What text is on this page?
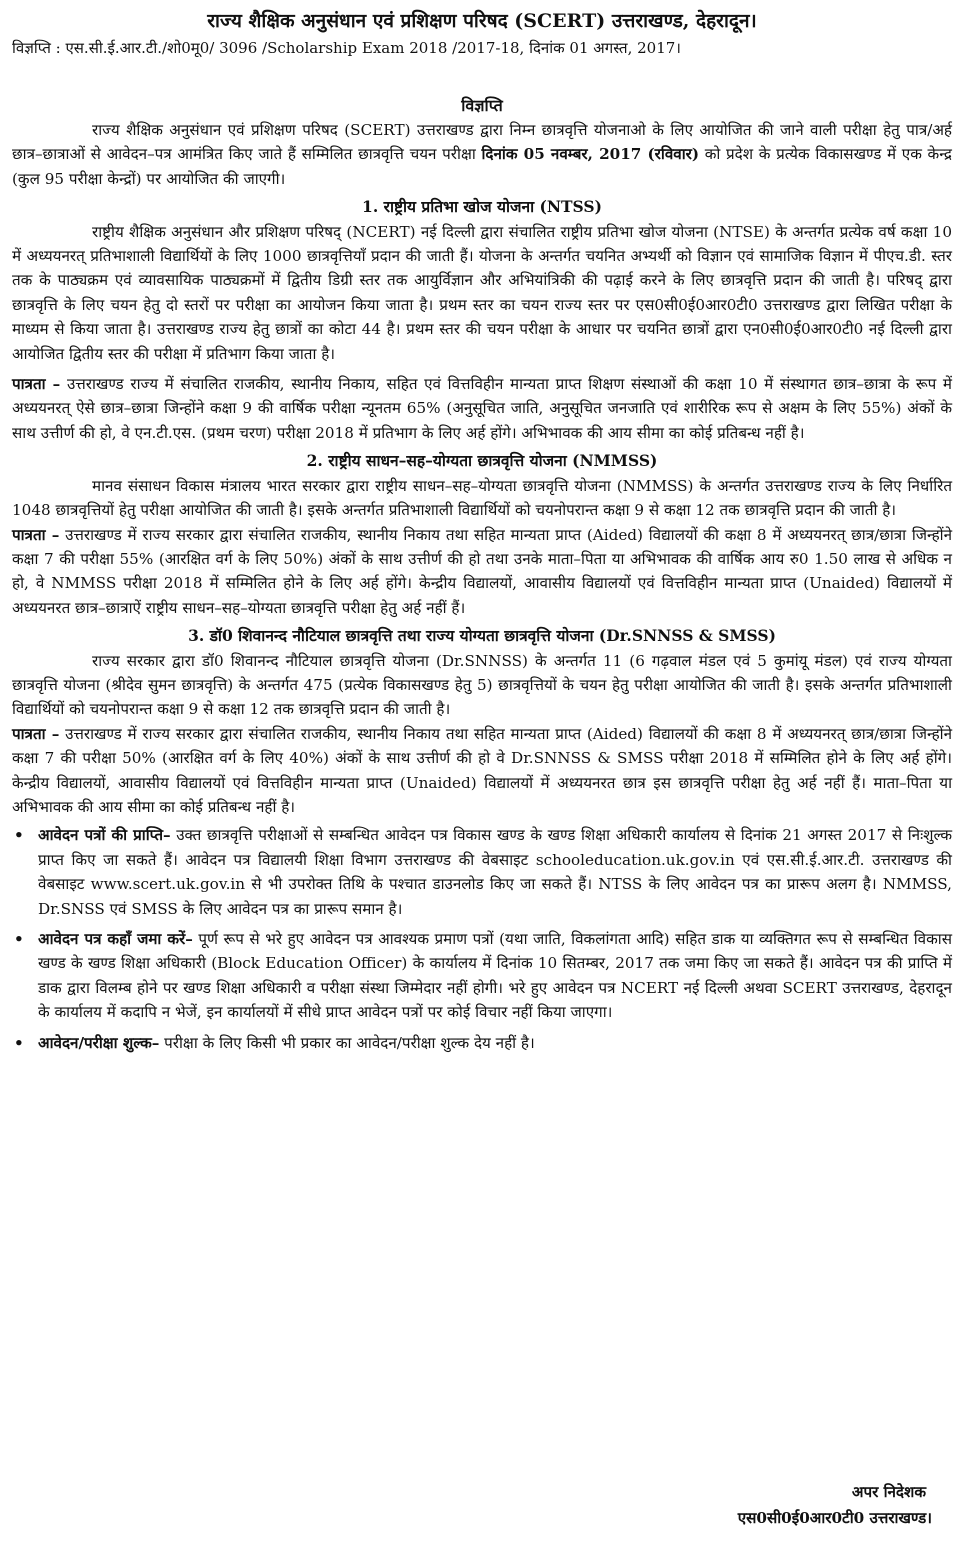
राज्य शैक्षिक अनुसंधान एवं प्रशिक्षण परिषद (SCERT) उत्तराखण्ड, देहरादून।
विज्ञप्ति : एस.सी.ई.आर.टी./शो0मू0/ 3096 /Scholarship Exam 2018 /2017-18, दिनांक 01 अगस्त, 2017।
विज्ञप्ति

राज्य शैक्षिक अनुसंधान एवं प्रशिक्षण परिषद (SCERT) उत्तराखण्ड द्वारा निम्न छात्रवृत्ति योजनाओ के लिए आयोजित की जाने वाली परीक्षा हेतु पात्र/अर्ह छात्र–छात्राओं से आवेदन–पत्र आमंत्रित किए जाते हैं सम्मिलित छात्रवृत्ति चयन परीक्षा दिनांक 05 नवम्बर, 2017 (रविवार) को प्रदेश के प्रत्येक विकासखण्ड में एक केन्द्र (कुल 95 परीक्षा केन्द्रों) पर आयोजित की जाएगी।

1. राष्ट्रीय प्रतिभा खोज योजना (NTSS)

राष्ट्रीय शैक्षिक अनुसंधान और प्रशिक्षण परिषद् (NCERT) नई दिल्ली द्वारा संचालित राष्ट्रीय प्रतिभा खोज योजना (NTSE) के अन्तर्गत प्रत्येक वर्ष कक्षा 10 में अध्ययनरत् प्रतिभाशाली विद्यार्थियों के लिए 1000 छात्रवृत्तियाँ प्रदान की जाती हैं। योजना के अन्तर्गत चयनित अभ्यर्थी को विज्ञान एवं सामाजिक विज्ञान में पीएच.डी. स्तर तक के पाठ्यक्रम एवं व्यावसायिक पाठ्यक्रमों में द्वितीय डिग्री स्तर तक आयुर्विज्ञान और अभियांत्रिकी की पढ़ाई करने के लिए छात्रवृत्ति प्रदान की जाती है। परिषद् द्वारा छात्रवृत्ति के लिए चयन हेतु दो स्तरों पर परीक्षा का आयोजन किया जाता है। प्रथम स्तर का चयन राज्य स्तर पर एस0सी0ई0आर0टी0 उत्तराखण्ड द्वारा लिखित परीक्षा के माध्यम से किया जाता है। उत्तराखण्ड राज्य हेतु छात्रों का कोटा 44 है। प्रथम स्तर की चयन परीक्षा के आधार पर चयनित छात्रों द्वारा एन0सी0ई0आर0टी0 नई दिल्ली द्वारा आयोजित द्वितीय स्तर की परीक्षा में प्रतिभाग किया जाता है।

पात्रता – उत्तराखण्ड राज्य में संचालित राजकीय, स्थानीय निकाय, सहित एवं वित्तविहीन मान्यता प्राप्त शिक्षण संस्थाओं की कक्षा 10 में संस्थागत छात्र–छात्रा के रूप में अध्ययनरत् ऐसे छात्र–छात्रा जिन्होंने कक्षा 9 की वार्षिक परीक्षा न्यूनतम 65% (अनुसूचित जाति, अनुसूचित जनजाति एवं शारीरिक रूप से अक्षम के लिए 55%) अंकों के साथ उत्तीर्ण की हो, वे एन.टी.एस. (प्रथम चरण) परीक्षा 2018 में प्रतिभाग के लिए अर्ह होंगे। अभिभावक की आय सीमा का कोई प्रतिबन्ध नहीं है।

2. राष्ट्रीय साधन–सह–योग्यता छात्रवृत्ति योजना (NMMSS)

मानव संसाधन विकास मंत्रालय भारत सरकार द्वारा राष्ट्रीय साधन–सह–योग्यता छात्रवृत्ति योजना (NMMSS) के अन्तर्गत उत्तराखण्ड राज्य के लिए निर्धारित 1048 छात्रवृत्तियों हेतु परीक्षा आयोजित की जाती है। इसके अन्तर्गत प्रतिभाशाली विद्यार्थियों को चयनोपरान्त कक्षा 9 से कक्षा 12 तक छात्रवृत्ति प्रदान की जाती है।

पात्रता – उत्तराखण्ड में राज्य सरकार द्वारा संचालित राजकीय, स्थानीय निकाय तथा सहित मान्यता प्राप्त (Aided) विद्यालयों की कक्षा 8 में अध्ययनरत् छात्र/छात्रा जिन्होंने कक्षा 7 की परीक्षा 55% (आरक्षित वर्ग के लिए 50%) अंकों के साथ उत्तीर्ण की हो तथा उनके माता–पिता या अभिभावक की वार्षिक आय रु0 1.50 लाख से अधिक न हो, वे NMMSS परीक्षा 2018 में सम्मिलित होने के लिए अर्ह होंगे। केन्द्रीय विद्यालयों, आवासीय विद्यालयों एवं वित्तविहीन मान्यता प्राप्त (Unaided) विद्यालयों में अध्ययनरत छात्र–छात्राऐं राष्ट्रीय साधन–सह–योग्यता छात्रवृत्ति परीक्षा हेतु अर्ह नहीं हैं।

3. डॉ0 शिवानन्द नौटियाल छात्रवृत्ति तथा राज्य योग्यता छात्रवृत्ति योजना (Dr.SNNSS & SMSS)

राज्य सरकार द्वारा डॉ0 शिवानन्द नौटियाल छात्रवृत्ति योजना (Dr.SNNSS) के अन्तर्गत 11 (6 गढ़वाल मंडल एवं 5 कुमांयू मंडल) एवं राज्य योग्यता छात्रवृत्ति योजना (श्रीदेव सुमन छात्रवृत्ति) के अन्तर्गत 475 (प्रत्येक विकासखण्ड हेतु 5) छात्रवृत्तियों के चयन हेतु परीक्षा आयोजित की जाती है। इसके अन्तर्गत प्रतिभाशाली विद्यार्थियों को चयनोपरान्त कक्षा 9 से कक्षा 12 तक छात्रवृत्ति प्रदान की जाती है।

पात्रता – उत्तराखण्ड में राज्य सरकार द्वारा संचालित राजकीय, स्थानीय निकाय तथा सहित मान्यता प्राप्त (Aided) विद्यालयों की कक्षा 8 में अध्ययनरत् छात्र/छात्रा जिन्होंने कक्षा 7 की परीक्षा 50% (आरक्षित वर्ग के लिए 40%) अंकों के साथ उत्तीर्ण की हो वे Dr.SNNSS & SMSS परीक्षा 2018 में सम्मिलित होने के लिए अर्ह होंगे। केन्द्रीय विद्यालयों, आवासीय विद्यालयों एवं वित्तविहीन मान्यता प्राप्त (Unaided) विद्यालयों में अध्ययनरत छात्र इस छात्रवृत्ति परीक्षा हेतु अर्ह नहीं हैं। माता–पिता या अभिभावक की आय सीमा का कोई प्रतिबन्ध नहीं है।

• आवेदन पत्रों की प्राप्ति– उक्त छात्रवृत्ति परीक्षाओं से सम्बन्धित आवेदन पत्र विकास खण्ड के खण्ड शिक्षा अधिकारी कार्यालय से दिनांक 21 अगस्त 2017 से निःशुल्क प्राप्त किए जा सकते हैं। आवेदन पत्र विद्यालयी शिक्षा विभाग उत्तराखण्ड की वेबसाइट schooleducation.uk.gov.in एवं एस.सी.ई.आर.टी. उत्तराखण्ड की वेबसाइट www.scert.uk.gov.in से भी उपरोक्त तिथि के पश्चात डाउनलोड किए जा सकते हैं। NTSS के लिए आवेदन पत्र का प्रारूप अलग है। NMMSS, Dr.SNSS एवं SMSS के लिए आवेदन पत्र का प्रारूप समान है।
• आवेदन पत्र कहाँ जमा करें– पूर्ण रूप से भरे हुए आवेदन पत्र आवश्यक प्रमाण पत्रों (यथा जाति, विकलांगता आदि) सहित डाक या व्यक्तिगत रूप से सम्बन्धित विकास खण्ड के खण्ड शिक्षा अधिकारी (Block Education Officer) के कार्यालय में दिनांक 10 सितम्बर, 2017 तक जमा किए जा सकते हैं। आवेदन पत्र की प्राप्ति में डाक द्वारा विलम्ब होने पर खण्ड शिक्षा अधिकारी व परीक्षा संस्था जिम्मेदार नहीं होगी। भरे हुए आवेदन पत्र NCERT नई दिल्ली अथवा SCERT उत्तराखण्ड, देहरादून के कार्यालय में कदापि न भेजें, इन कार्यालयों में सीधे प्राप्त आवेदन पत्रों पर कोई विचार नहीं किया जाएगा।
• आवेदन/परीक्षा शुल्क– परीक्षा के लिए किसी भी प्रकार का आवेदन/परीक्षा शुल्क देय नहीं है।
अपर निदेशक
एस0सी0ई0आर0टी0 उत्तराखण्ड।
